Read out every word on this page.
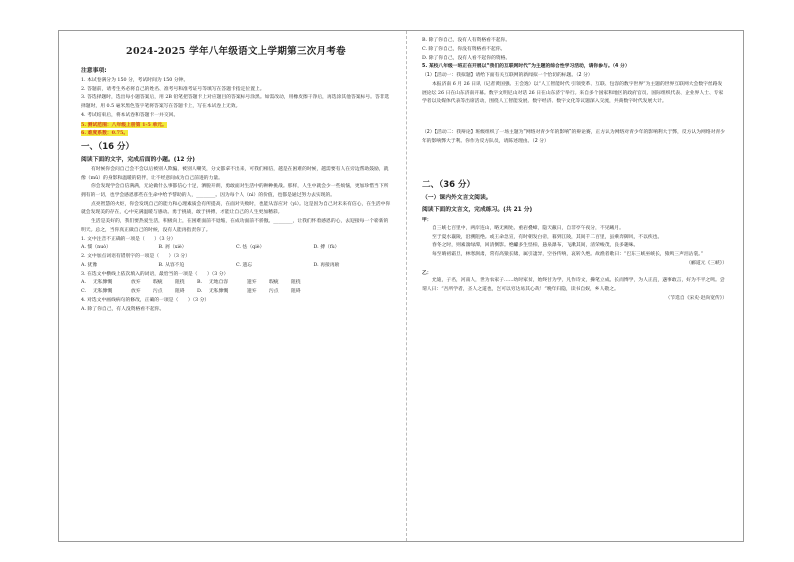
2024-2025 学年八年级语文上学期第三次月考卷
注意事项:

1. 本试卷满分为 150 分，考试时间为 150 分钟。

2. 答题前，请考生务必将自己的姓名、准考号和准考证号等填写在答题卡指定位置上。

3. 答选择题时，选出每小题答案后，用 2B 铅笔把答题卡上对应题目的答案标号涂黑。如需改动，用橡皮擦干净后，再选涂其他答案标号。答非选择题时，用 0.5 毫米黑色签字笔将答案写在答题卡上，写在本试卷上无效。

4. 考试结束后，将本试卷和答题卡一并交回。

5. 测试范围：八年级上册第 1-5 单元。

6. 难度系数：0.75。

一、（16 分）
阅读下面的文字，完成后面的小题。(12 分)

有时候你会问自己会不会以后被别人欺骗，被别人嘲笑，分文都拿不出来，可我们相信，越是在困难的时候，越需要有人在旁边帮助鼓励，就像（mǔ）的身影和温暖的陪伴，让不经意间成为自己前进的力量。

你会发现学会自信满满，无论做什么事都信心十足，洒脱开朗，勇敢面对生活中的种种挑战。那样，人生中就会少一些烦恼，更加珍惜当下所拥有的一切，也学会感恩那些在生命中给予帮助的人，________。因为每个人（nì）的价值，也都是通过努力去实现的。

点亮智慧的火炬，你会发现自己的能力和心理素质会有所提高，在面对失败时，也能从容应对（yì）。这是因为自己对未来有信心，在生活中你就会发现美的存在，心中充满温暖与感动。勇于挑战，敢于拼搏，才能让自己的人生更加精彩。

生活是美好的，我们要热爱生活，积极向上，在困难面前不退缩，在成功面前不骄傲。________，让我们怀着感恩的心，去迎接每一个崭新的明天。总之，当你真正做自己的时候，没有人能再指责你了。

1. 文中注音不正确的一项是（　　）（3 分）

A. 懦（nuò）	B. 屑（xiè）	C. 怯（qiè）	D. 搏（fù）

2. 文中加点词语有错别字的一项是（　　）（3 分）

A. 犹豫	B. 从容不迫	C. 遗忘	D. 再接再励

3. 在选文中横线上依次填入的词语，最恰当的一项是（　　）（3 分）

A.	无私慷慨	放弃	瑕疵	阻挠	B.	无地自容	遗弃	瑕疵	阻挠
C.	无私慷慨	放弃	污点	阻碍	D.	无私慷慨	遗弃	污点	阻碍

4. 对选文中画线病句的修改，正确的一项是（　　）（3 分）

A. 除了你自己，有人没资格看不起你。

B. 除了你自己，没有人有资格看不起你。

C. 除了你自己，你没有资格看不起你。

D. 除了你自己，没有人看不起你的资格。

5. 某校八年级一班正在开展以“我们的互联网时代”为主题的综合性学习活动，请你参与。（4 分）

（1）【活动一：我拟题】请给下面有关互联网的新闻拟一个恰切的标题。（2 分）

本报济南 6 月 26 日讯（记者黄国强、王会逸）以“人工智能时代 引领变革、互联、包容的数字世界”为主题的世界互联网大会数字丝路发展论坛 26 日在山东济南开幕。数字文明尼山对话 26 日在山东济宁举行。来自多个国家和地区的政府官员、国际组织代表、企业界人士、专家学者以及媒体代表等出席活动，围绕人工智能发展、数字经济、数字文化等议题深入交流，共商数字时代发展大计。

（2）【活动二：我辩论】班级组织了一场主题为“网络对青少年的影响”的辩论赛，正方认为网络对青少年的影响利大于弊，反方认为网络对青少年的影响弊大于利。你作为反方队员，请陈述理由。（2 分）

二、（36 分）
（一）课内外文言文阅读。
阅读下面的文言文，完成练习。(共 21 分)

甲：

自三峡七百里中，两岸连山，略无阙处。重岩叠嶂，隐天蔽日，自非亭午夜分，不见曦月。

至于夏水襄陵，沿溯阻绝。或王命急宣，有时朝发白帝，暮到江陵，其间千二百里，虽乘奔御风，不以疾也。

春冬之时，则素湍绿潭，回清倒影。绝巘多生怪柏，悬泉瀑布，飞漱其间，清荣峻茂，良多趣味。

每至晴初霜旦，林寒涧肃，常有高猿长啸，属引凄异，空谷传响，哀转久绝。故渔者歌曰：“巴东三峡巫峡长，猿鸣三声泪沾裳。”

（郦道元《三峡》）

乙：

允迪，子名，河南人，世为农家子……幼时家贫，始终甘为学，凡作诗文，操笔立成。长而博学，为人正直，遇事敢言，好为不平之鸣。尝谓人曰：“吾所学者，圣人之道也，岂可以穷达易其心哉！”晚年归隐，读书自娱，乡人敬之。

（节选自《宋史·赵尚宽传》）
